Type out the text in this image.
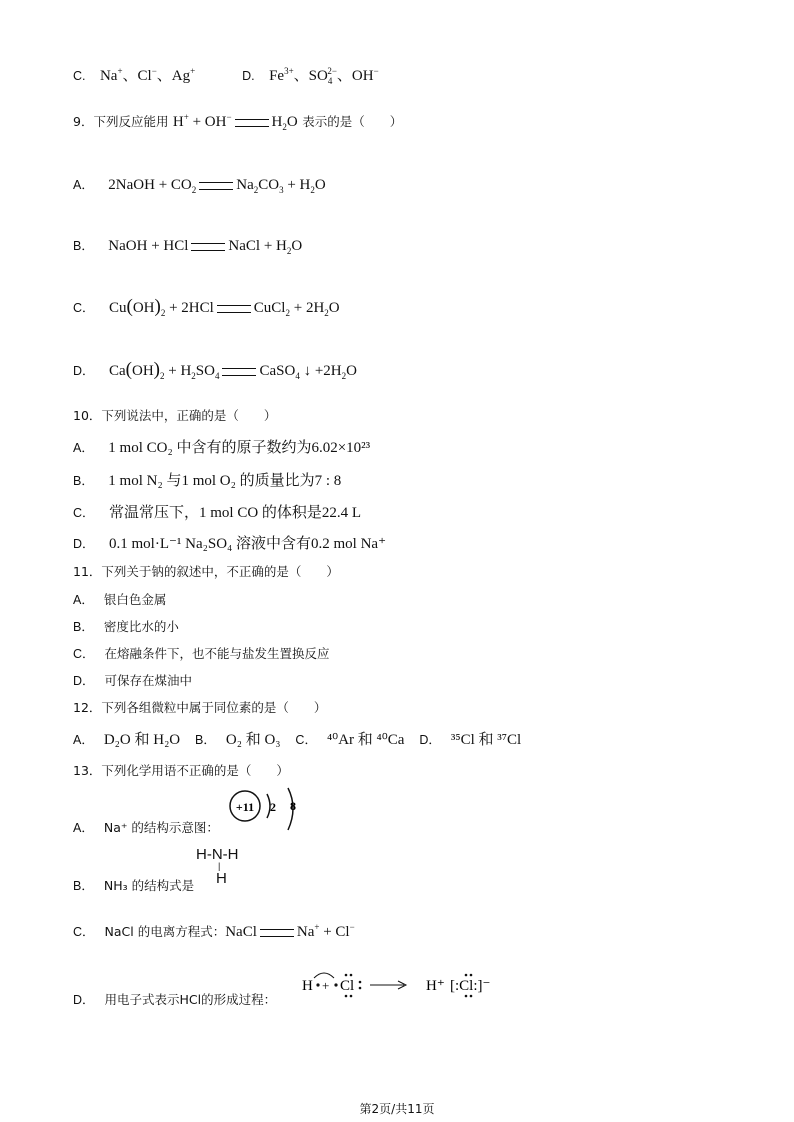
C. Na+、Cl−、Ag+	D. $Fe^{3+}$、$SO_4^{2-}$、OH−
9．下列反应能用 H+ + OH−	$H_2O$ 表示的是（　　）
A． 2NaOH + $CO_2$	$Na_2CO_3 + H_2O$
B． NaOH + HCl	NaCl + $H_2O$
C． $Cu(OH)_2 + 2HCl$	CuCl$_2$ + $2H_2O$
D． $Ca(OH)_2 + H_2SO_4$	CaSO$_4$ ↓ $+2H_2O$
10．下列说法中，正确的是（　　）
A． 1 mol CO₂ 中含有的原子数约为6.02×10²³
B． 1 mol N₂ 与1 mol O₂ 的质量比为7 : 8
C． 常温常压下，1 mol CO 的体积是22.4 L
D． 0.1 mol·L⁻¹ Na₂SO₄ 溶液中含有0.2 mol Na⁺
11．下列关于钠的叙述中，不正确的是（　　）
A． 银白色金属
B． 密度比水的小
C． 在熔融条件下，也不能与盐发生置换反应
D． 可保存在煤油中
12．下列各组微粒中属于同位素的是（　　）
A． D₂O 和 H₂O B． O₂ 和 O₃ C． ⁴⁰Ar 和 ⁴⁰Ca D． ³⁵Cl 和 ³⁷Cl
13．下列化学用语不正确的是（　　）
A． Na⁺ 的结构示意图：
+11 2 8
H-N-H
|
H
B． NH₃ 的结构式是
C． NaCl 的电离方程式：NaCl	Na+ + Cl−
D． 用电子式表示HCl的形成过程：
H + Cl	H⁺ [:Cl:]⁻
第2页/共11页
